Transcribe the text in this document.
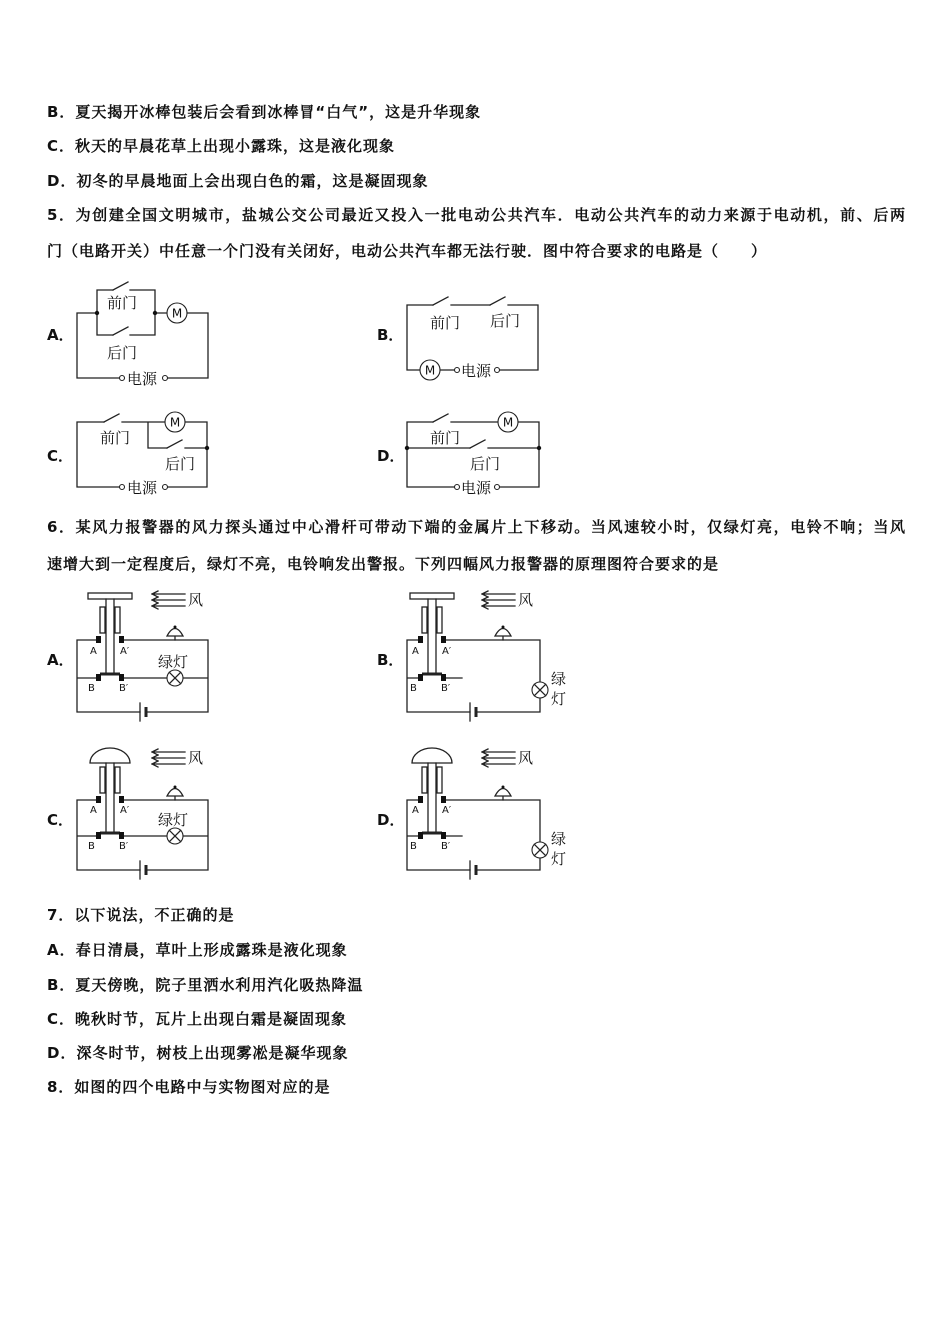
B．夏天揭开冰棒包装后会看到冰棒冒“白气”，这是升华现象
C．秋天的早晨花草上出现小露珠，这是液化现象
D．初冬的早晨地面上会出现白色的霜，这是凝固现象
5．为创建全国文明城市，盐城公交公司最近又投入一批电动公共汽车．电动公共汽车的动力来源于电动机，前、后两
门（电路开关）中任意一个门没有关闭好，电动公共汽车都无法行驶．图中符合要求的电路是（　　）
A．	B．
C．	D．
M
电源
前门
后门
M 电源
前门 后门
M
电源
前门
后门
M
电源
前门
后门
6．某风力报警器的风力探头通过中心滑杆可带动下端的金属片上下移动。当风速较小时，仅绿灯亮，电铃不响；当风
速增大到一定程度后，绿灯不亮，电铃响发出警报。下列四幅风力报警器的原理图符合要求的是
A．	B．
C．	D．
风
A A′
B B′
绿灯
风
A A′
B B′
绿
灯
风
A A′
B B′
绿灯
风
A A′
B B′	绿
灯
7．以下说法，不正确的是
A．春日清晨，草叶上形成露珠是液化现象
B．夏天傍晚，院子里洒水利用汽化吸热降温
C．晚秋时节，瓦片上出现白霜是凝固现象
D．深冬时节，树枝上出现雾凇是凝华现象
8．如图的四个电路中与实物图对应的是
